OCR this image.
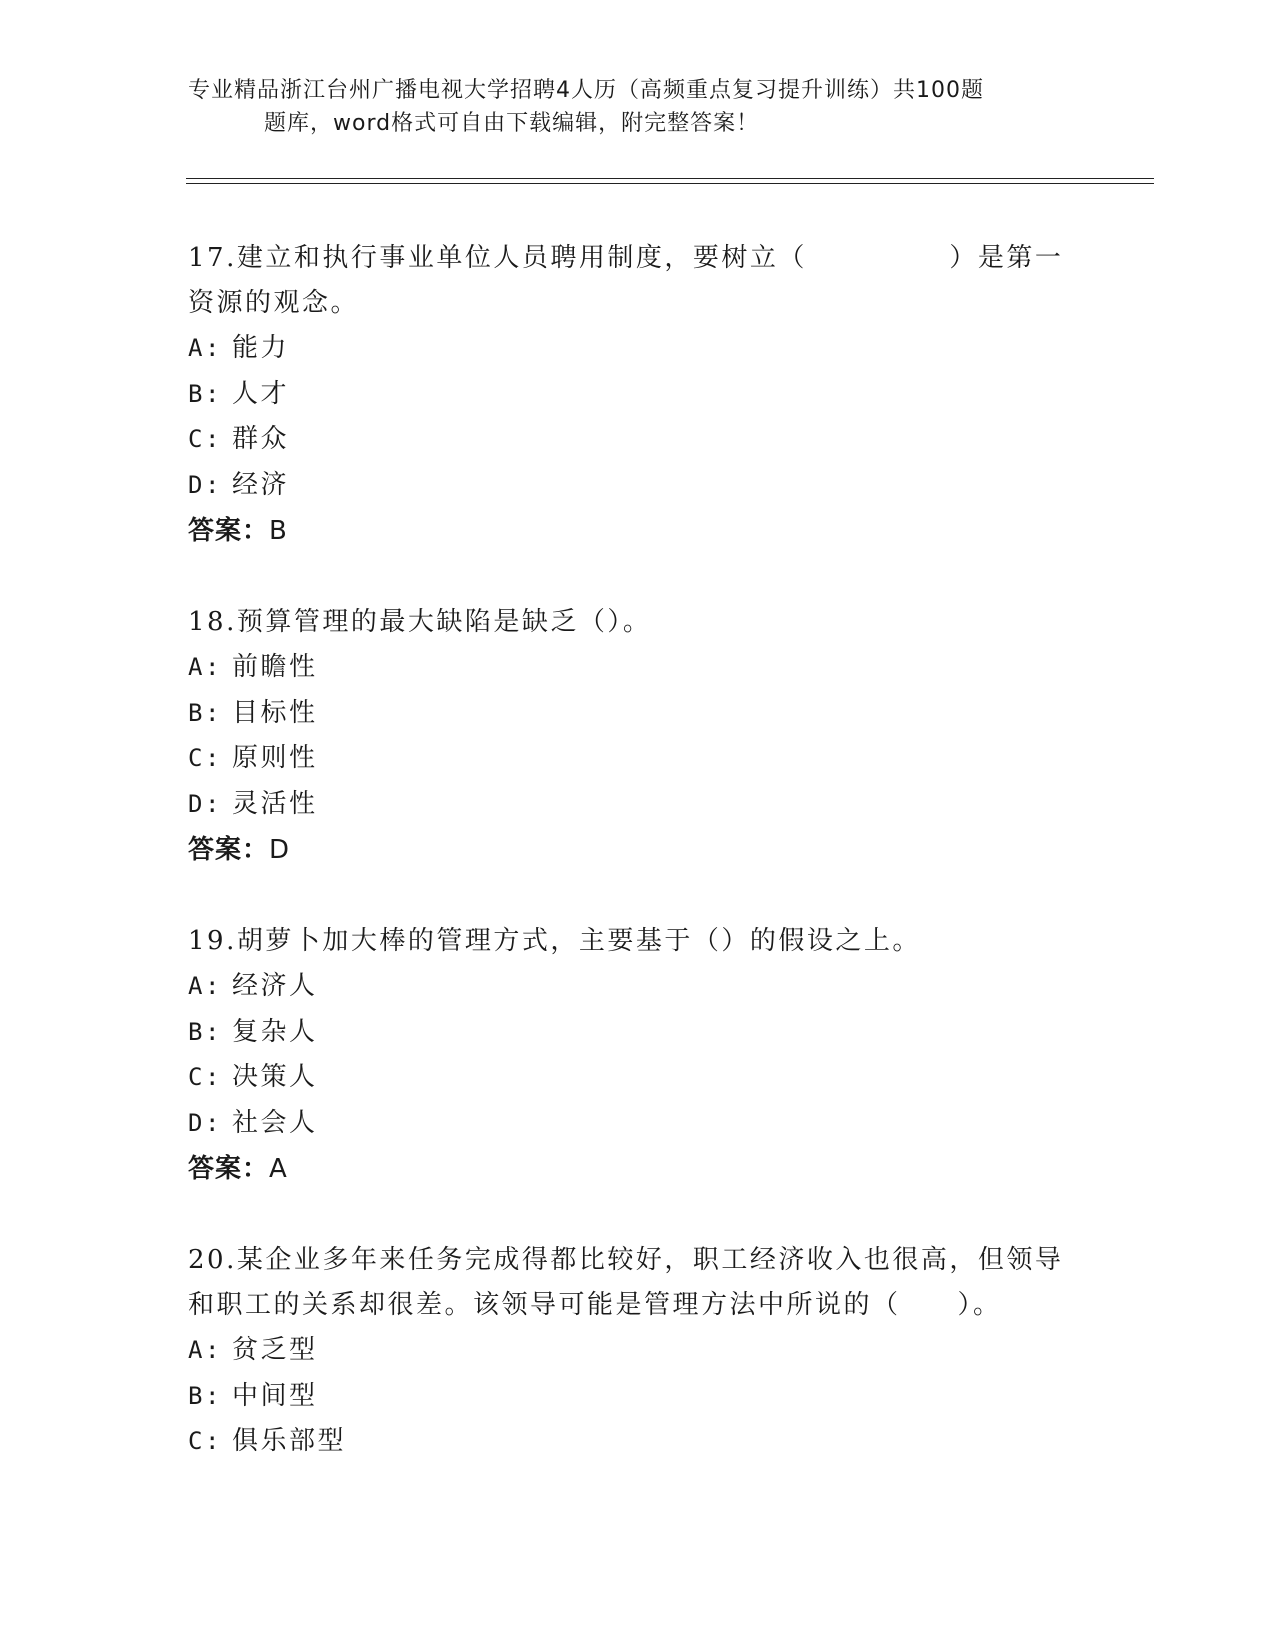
专业精品浙江台州广播电视大学招聘4人历（高频重点复习提升训练）共100题
题库，word格式可自由下载编辑，附完整答案！

17.建立和执行事业单位人员聘用制度，要树立（　　　　　）是第一资源的观念。

A: 能力
B: 人才
C: 群众
D: 经济
答案：B

18.预算管理的最大缺陷是缺乏（）。

A: 前瞻性
B: 目标性
C: 原则性
D: 灵活性
答案：D

19.胡萝卜加大棒的管理方式，主要基于（）的假设之上。

A: 经济人
B: 复杂人
C: 决策人
D: 社会人
答案：A

20.某企业多年来任务完成得都比较好，职工经济收入也很高，但领导和职工的关系却很差。该领导可能是管理方法中所说的（　　）。

A: 贫乏型
B: 中间型
C: 俱乐部型
